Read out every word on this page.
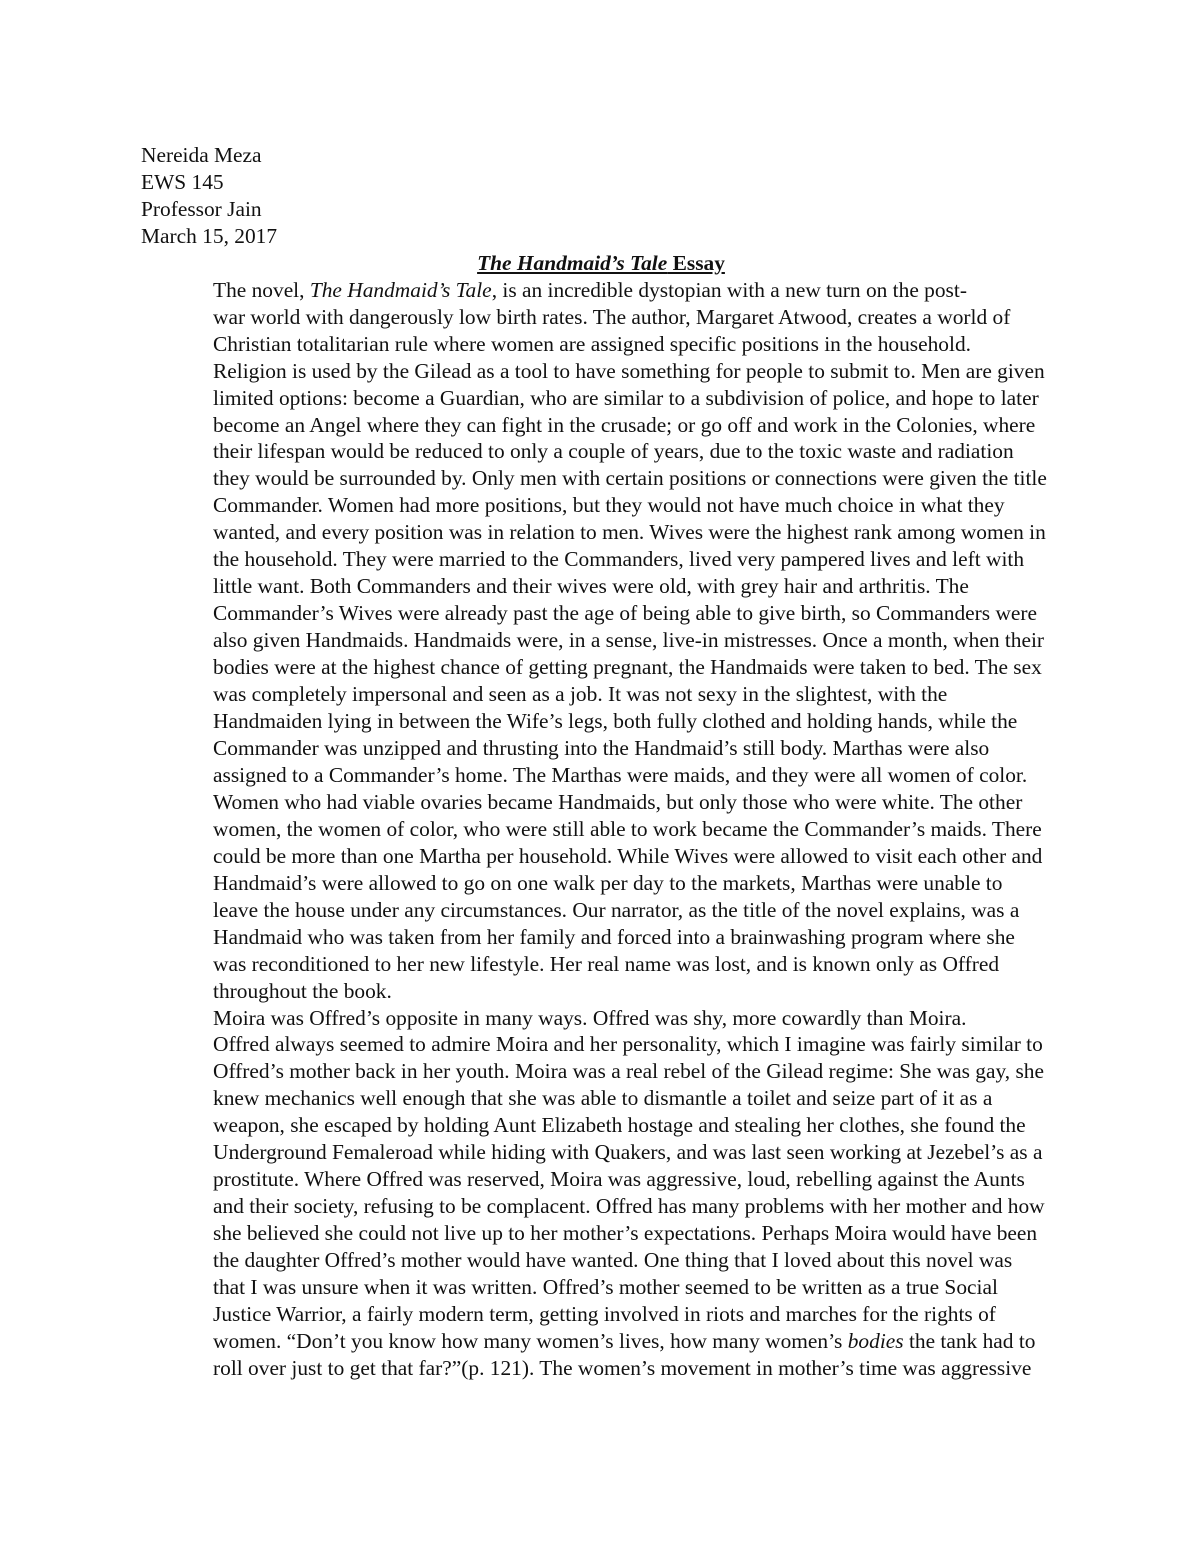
Nereida Meza
EWS 145
Professor Jain
March 15, 2017
The Handmaid’s Tale Essay
The novel, The Handmaid’s Tale, is an incredible dystopian with a new turn on the post-
war world with dangerously low birth rates. The author, Margaret Atwood, creates a world of
Christian totalitarian rule where women are assigned specific positions in the household.
Religion is used by the Gilead as a tool to have something for people to submit to. Men are given
limited options: become a Guardian, who are similar to a subdivision of police, and hope to later
become an Angel where they can fight in the crusade; or go off and work in the Colonies, where
their lifespan would be reduced to only a couple of years, due to the toxic waste and radiation
they would be surrounded by. Only men with certain positions or connections were given the title
Commander. Women had more positions, but they would not have much choice in what they
wanted, and every position was in relation to men. Wives were the highest rank among women in
the household. They were married to the Commanders, lived very pampered lives and left with
little want. Both Commanders and their wives were old, with grey hair and arthritis. The
Commander’s Wives were already past the age of being able to give birth, so Commanders were
also given Handmaids. Handmaids were, in a sense, live-in mistresses. Once a month, when their
bodies were at the highest chance of getting pregnant, the Handmaids were taken to bed. The sex
was completely impersonal and seen as a job. It was not sexy in the slightest, with the
Handmaiden lying in between the Wife’s legs, both fully clothed and holding hands, while the
Commander was unzipped and thrusting into the Handmaid’s still body. Marthas were also
assigned to a Commander’s home. The Marthas were maids, and they were all women of color.
Women who had viable ovaries became Handmaids, but only those who were white. The other
women, the women of color, who were still able to work became the Commander’s maids. There
could be more than one Martha per household. While Wives were allowed to visit each other and
Handmaid’s were allowed to go on one walk per day to the markets, Marthas were unable to
leave the house under any circumstances. Our narrator, as the title of the novel explains, was a
Handmaid who was taken from her family and forced into a brainwashing program where she
was reconditioned to her new lifestyle. Her real name was lost, and is known only as Offred
throughout the book.
Moira was Offred’s opposite in many ways. Offred was shy, more cowardly than Moira.
Offred always seemed to admire Moira and her personality, which I imagine was fairly similar to
Offred’s mother back in her youth. Moira was a real rebel of the Gilead regime: She was gay, she
knew mechanics well enough that she was able to dismantle a toilet and seize part of it as a
weapon, she escaped by holding Aunt Elizabeth hostage and stealing her clothes, she found the
Underground Femaleroad while hiding with Quakers, and was last seen working at Jezebel’s as a
prostitute. Where Offred was reserved, Moira was aggressive, loud, rebelling against the Aunts
and their society, refusing to be complacent. Offred has many problems with her mother and how
she believed she could not live up to her mother’s expectations. Perhaps Moira would have been
the daughter Offred’s mother would have wanted. One thing that I loved about this novel was
that I was unsure when it was written. Offred’s mother seemed to be written as a true Social
Justice Warrior, a fairly modern term, getting involved in riots and marches for the rights of
women. “Don’t you know how many women’s lives, how many women’s bodies the tank had to
roll over just to get that far?”(p. 121). The women’s movement in mother’s time was aggressive
